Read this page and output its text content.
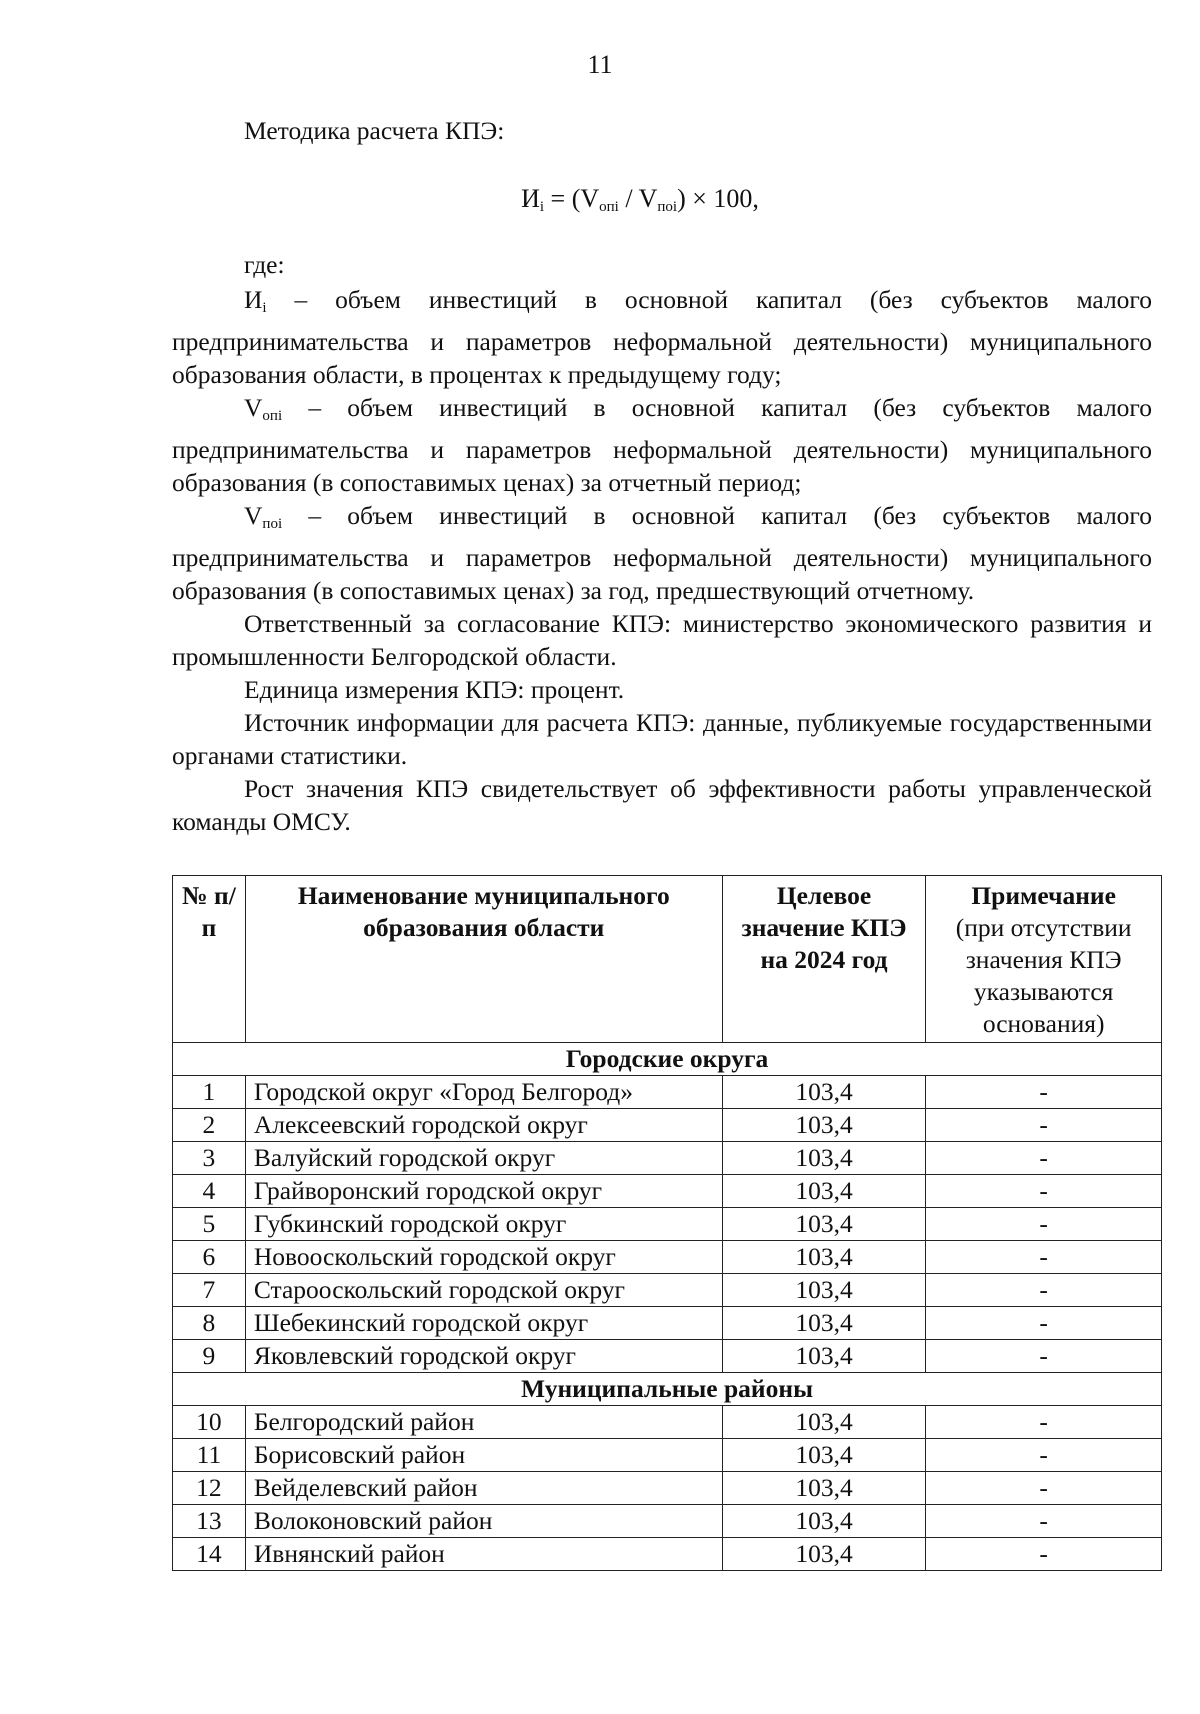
11
Методика расчета КПЭ:
$И_i = (V_{oпi} / V_{пoi}) \times 100$,
где:

$И_i$ – объем инвестиций в основной капитал (без субъектов малого предпринимательства и параметров неформальной деятельности) муниципального образования области, в процентах к предыдущему году;

$V_{oпi}$ – объем инвестиций в основной капитал (без субъектов малого предпринимательства и параметров неформальной деятельности) муниципального образования (в сопоставимых ценах) за отчетный период;

$V_{пoi}$ – объем инвестиций в основной капитал (без субъектов малого предпринимательства и параметров неформальной деятельности) муниципального образования (в сопоставимых ценах) за год, предшествующий отчетному.

Ответственный за согласование КПЭ: министерство экономического развития и промышленности Белгородской области.

Единица измерения КПЭ: процент.

Источник информации для расчета КПЭ: данные, публикуемые государственными органами статистики.

Рост значения КПЭ свидетельствует об эффективности работы управленческой команды ОМСУ.

№ п/п	Наименование муниципального образования области	Целевое значение КПЭ на 2024 год	Примечание
(при отсутствии значения КПЭ указываются основания)
Городские округа			
1	Городской округ «Город Белгород»	103,4	-
2	Алексеевский городской округ	103,4	-
3	Валуйский городской округ	103,4	-
4	Грайворонский городской округ	103,4	-
5	Губкинский городской округ	103,4	-
6	Новооскольский городской округ	103,4	-
7	Старооскольский городской округ	103,4	-
8	Шебекинский городской округ	103,4	-
9	Яковлевский городской округ	103,4	-
Муниципальные районы			
10	Белгородский район	103,4	-
11	Борисовский район	103,4	-
12	Вейделевский район	103,4	-
13	Волоконовский район	103,4	-
14	Ивнянский район	103,4	-
